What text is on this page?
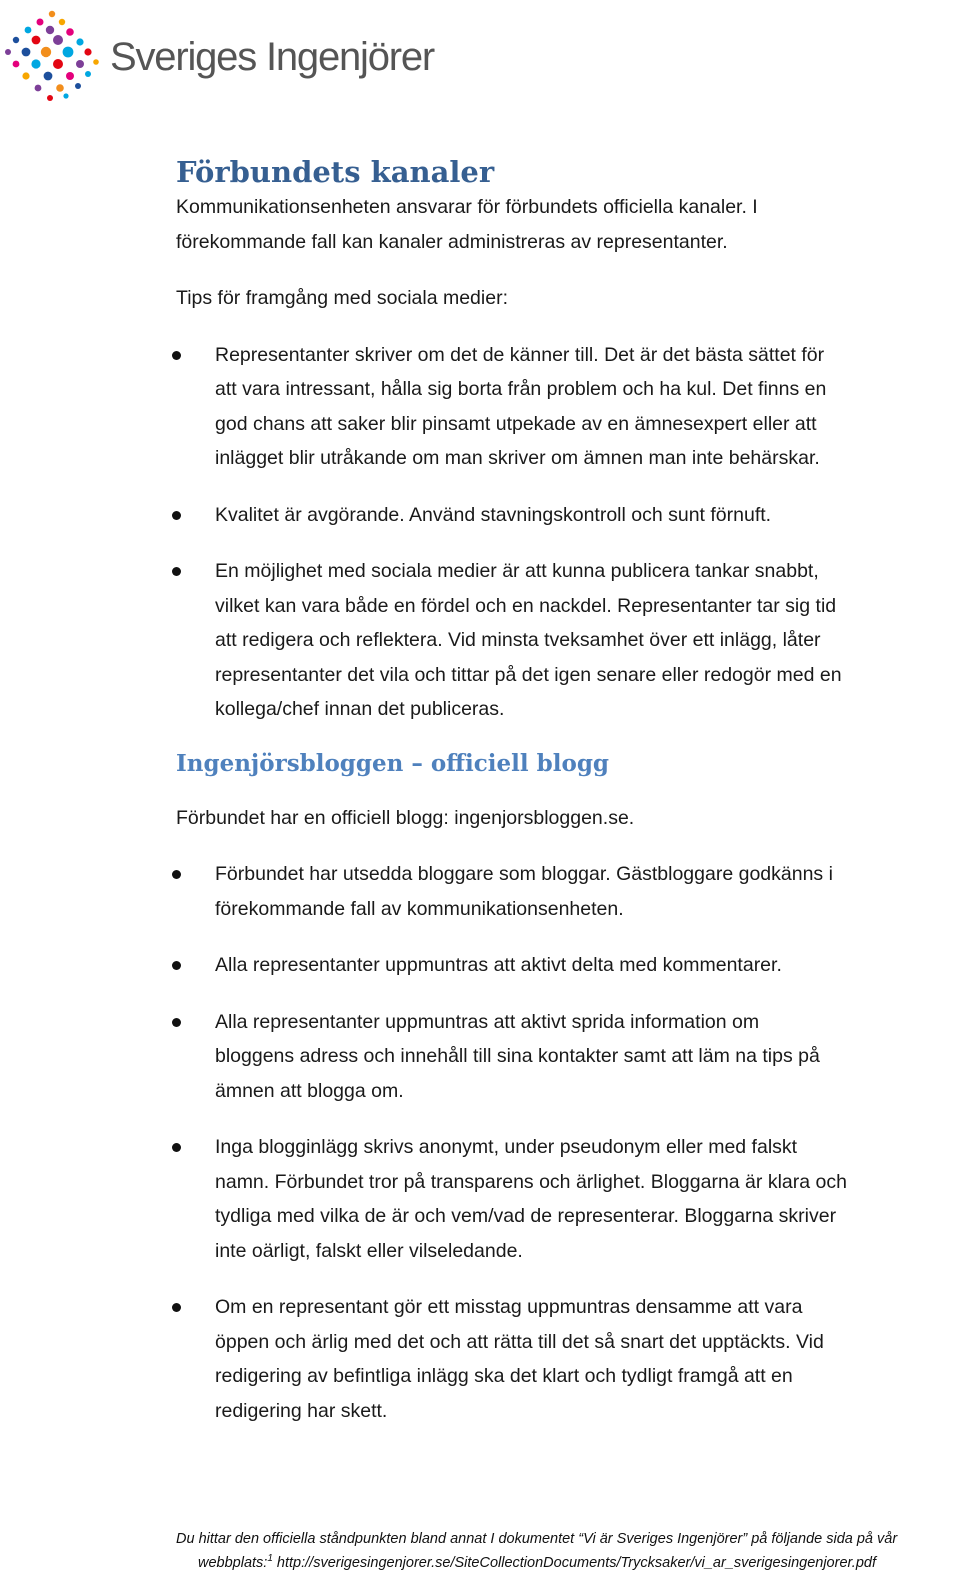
Sveriges Ingenjörer
Förbundets kanaler

Kommunikationsenheten ansvarar för förbundets officiella kanaler. I

förekommande fall kan kanaler administreras av representanter.

Tips för framgång med sociala medier:

Representanter skriver om det de känner till. Det är det bästa sättet för
att vara intressant, hålla sig borta från problem och ha kul. Det finns en
god chans att saker blir pinsamt utpekade av en ämnesexpert eller att
inlägget blir utråkande om man skriver om ämnen man inte behärskar.
Kvalitet är avgörande. Använd stavningskontroll och sunt förnuft.
En möjlighet med sociala medier är att kunna publicera tankar snabbt,
vilket kan vara både en fördel och en nackdel. Representanter tar sig tid
att redigera och reflektera. Vid minsta tveksamhet över ett inlägg, låter
representanter det vila och tittar på det igen senare eller redogör med en
kollega/chef innan det publiceras.
Ingenjörsbloggen – officiell blogg

Förbundet har en officiell blogg: ingenjorsbloggen.se.

Förbundet har utsedda bloggare som bloggar. Gästbloggare godkänns i
förekommande fall av kommunikationsenheten.
Alla representanter uppmuntras att aktivt delta med kommentarer.
Alla representanter uppmuntras att aktivt sprida information om
bloggens adress och innehåll till sina kontakter samt att läm na tips på
ämnen att blogga om.
Inga blogginlägg skrivs anonymt, under pseudonym eller med falskt
namn. Förbundet tror på transparens och ärlighet. Bloggarna är klara och
tydliga med vilka de är och vem/vad de representerar. Bloggarna skriver
inte oärligt, falskt eller vilseledande.
Om en representant gör ett misstag uppmuntras densamme att vara
öppen och ärlig med det och att rätta till det så snart det upptäckts. Vid
redigering av befintliga inlägg ska det klart och tydligt framgå att en
redigering har skett.
Du hittar den officiella ståndpunkten bland annat I dokumentet “Vi är Sveriges Ingenjörer” på följande sida på vår
webbplats:$^1$ http://sverigesingenjorer.se/SiteCollectionDocuments/Trycksaker/vi_ar_sverigesingenjorer.pdf
